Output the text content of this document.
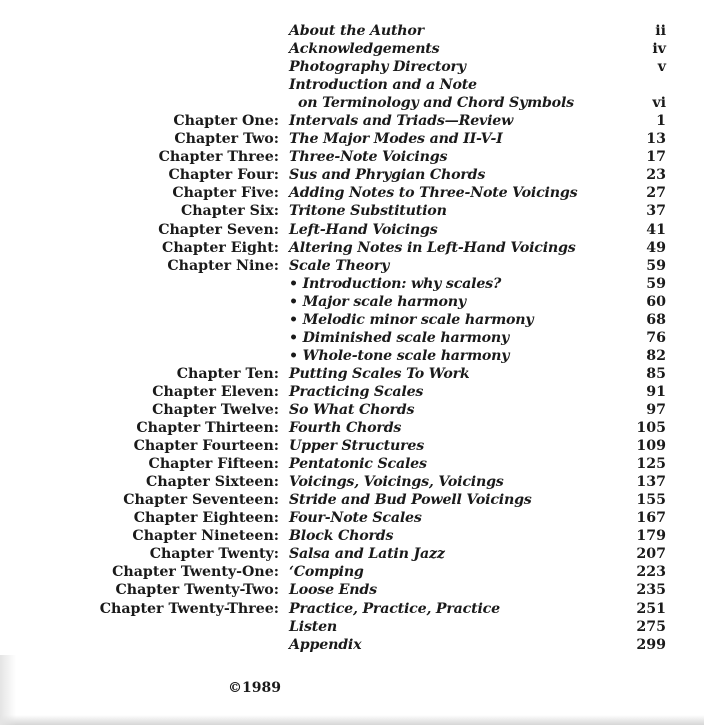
About the Author	ii
Acknowledgements	iv
Photography Directory	v
Introduction and a Note
on Terminology and Chord Symbols	vi
Chapter One: Intervals and Triads—Review	1
Chapter Two: The Major Modes and II-V-I	13
Chapter Three: Three-Note Voicings	17
Chapter Four: Sus and Phrygian Chords	23
Chapter Five: Adding Notes to Three-Note Voicings	27
Chapter Six: Tritone Substitution	37
Chapter Seven: Left-Hand Voicings	41
Chapter Eight: Altering Notes in Left-Hand Voicings	49
Chapter Nine: Scale Theory	59
• Introduction: why scales?	59
• Major scale harmony	60
• Melodic minor scale harmony	68
• Diminished scale harmony	76
• Whole-tone scale harmony	82
Chapter Ten: Putting Scales To Work	85
Chapter Eleven: Practicing Scales	91
Chapter Twelve: So What Chords	97
Chapter Thirteen: Fourth Chords	105
Chapter Fourteen: Upper Structures	109
Chapter Fifteen: Pentatonic Scales	125
Chapter Sixteen: Voicings, Voicings, Voicings	137
Chapter Seventeen: Stride and Bud Powell Voicings	155
Chapter Eighteen: Four-Note Scales	167
Chapter Nineteen: Block Chords	179
Chapter Twenty: Salsa and Latin Jazz	207
Chapter Twenty-One: ‘Comping	223
Chapter Twenty-Two: Loose Ends	235
Chapter Twenty-Three: Practice, Practice, Practice	251
Listen	275
Appendix	299
©1989
